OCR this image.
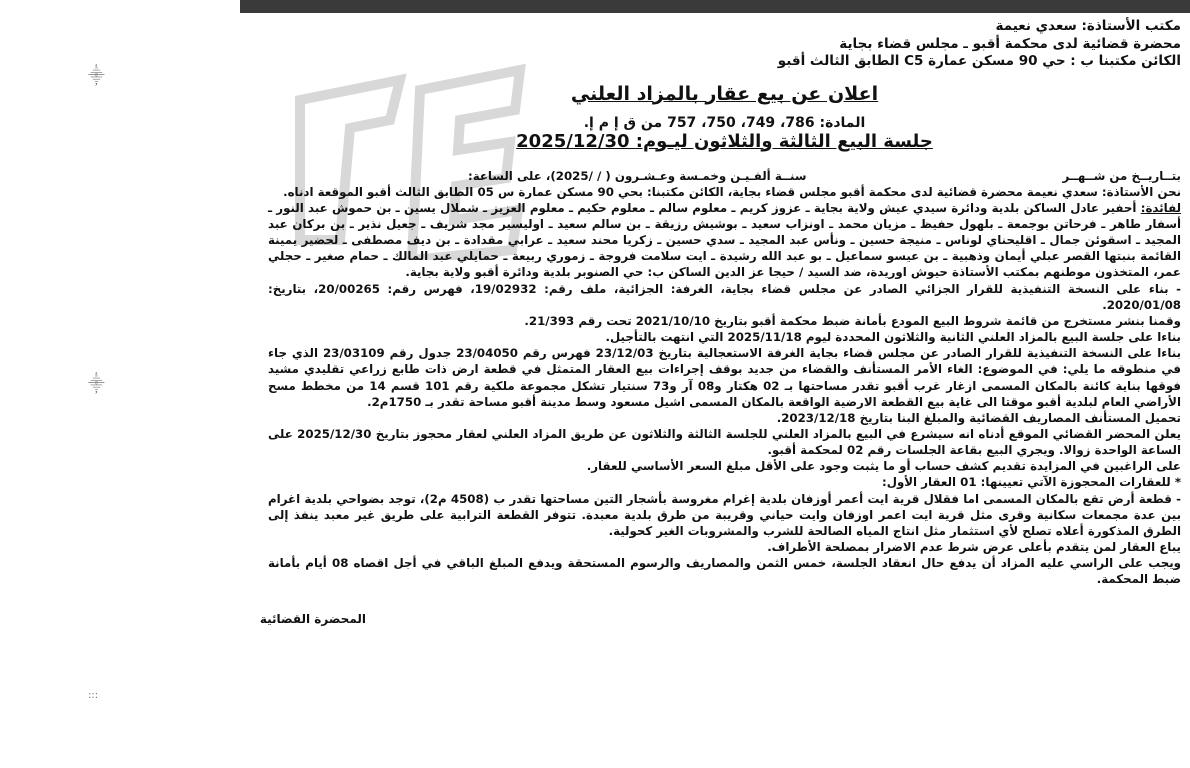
⸎
⸎
:::
مكتب الأستاذة: سعدي نعيمة
محضرة قضائية لدى محكمة أقبو ـ مجلس قضاء بجاية
الكائن مكتبنا ب : حي 90 مسكن عمارة C5 الطابق الثالث أقبو
اعلان عن بيع عقار بالمزاد العلني
المادة: 786، 749، 750، 757 من ق إ م إ.
جلسة البيع الثالثة والثلاثون ليـوم: 2025/12/30

بتــاريــخ من شــهــر
سنــة ألفـيـن وخمـسة وعـشـرون ( / /2025)، على الساعة:

نحن الأستاذة: سعدي نعيمة محضرة قضائية لدى محكمة أقبو مجلس قضاء بجاية، الكائن مكتبنا: بحي 90 مسكن عمارة س 05 الطابق الثالث أقبو الموقعة ادناه.

لفائدة: أحفير عادل الساكن بلدية ودائرة سيدي عيش ولاية بجاية ـ عزوز كريم ـ معلوم سالم ـ معلوم حكيم ـ معلوم العزيز ـ شملال يسين ـ بن حموش عبد النور ـ أسفار طاهر ـ فرحاتن بوجمعة ـ بلهول حفيظ ـ مزيان محمد ـ اونزاب سعيد ـ بوشيش رزيقة ـ بن سالم سعيد ـ اوليسير مجد شريف ـ جعيل نذير ـ بن بركان عبد المجيد ـ اسقوئن جمال ـ اقليحناي لوناس ـ منيجة حسين ـ ونأس عبد المجيد ـ سدي حسين ـ زكريا محند سعيد ـ عرابي مقدادة ـ بن ديف مصطفى ـ لحضير يمينة القائمة بنبتها القصر عبلي أيمان وذهبية ـ بن عيسو سماعيل ـ بو عبد الله رشيدة ـ ايت سلامت فروجة ـ زموري ربيعة ـ حمايلي عبد المالك ـ حمام صغير ـ حجلي عمر، المتخذون موطنهم بمكتب الأستاذة حيوش اوريدة، ضد السيد / حيجا عز الدين الساكن ب: حي الصنوبر بلدية ودائرة أقبو ولاية بجاية.

- بناء على النسخة التنفيذية للقرار الجزائي الصادر عن مجلس قضاء بجاية، الغرفة: الجزائية، ملف رقم: 19/02932، فهرس رقم: 20/00265، بتاريخ: 2020/01/08.

وقمنا بنشر مستخرج من قائمة شروط البيع المودع بأمانة ضبط محكمة أقبو بتاريخ 2021/10/10 تحت رقم 21/393.

بناءا على جلسة البيع بالمزاد العلني الثانية والثلاثون المحددة ليوم 2025/11/18 التي انتهت بالتأجيل.

بناءا على النسخة التنفيذية للقرار الصادر عن مجلس قضاء بجاية الغرفة الاستعجالية بتاريخ 23/12/03 فهرس رقم 23/04050 جدول رقم 23/03109 الذي جاء في منطوقه ما يلي: في الموضوع: الغاء الأمر المستأنف والقضاء من جديد بوقف إجراءات بيع العقار المتمثل في قطعة ارض ذات طابع زراعي تقليدي مشيد فوقها بناية كائنة بالمكان المسمى ازغار غرب أقبو تقدر مساحتها بـ 02 هكتار و08 آر و73 سنتيار تشكل مجموعة ملكية رقم 101 قسم 14 من مخطط مسح الأراضي العام لبلدية أقبو موقتا الى غاية بيع القطعة الارضية الواقعة بالمكان المسمى اشيل مسعود وسط مدينة أقبو مساحة تقدر بـ 1750م2.

تحميل المستأنف المصاريف القضائية والمبلغ البنا بتاريخ 2023/12/18.

يعلن المحضر القضائي الموقع أدناه انه سيشرع في البيع بالمزاد العلني للجلسة الثالثة والثلاثون عن طريق المزاد العلني لعقار محجوز بتاريخ 2025/12/30 على الساعة الواحدة زوالا. ويجري البيع بقاعة الجلسات رقم 02 لمحكمة أقبو.

على الراغبين في المزايدة تقديم كشف حساب أو ما يثبت وجود على الأقل مبلغ السعر الأساسي للعقار.

* للعقارات المحجوزة الآتي تعيينها: 01 العقار الأول:

- قطعة أرض تقع بالمكان المسمى اما فقلال قرية ايت أعمر أوزفان بلدية إغرام مغروسة بأشجار التين مساحتها تقدر ب (4508 م2)، توجد بضواحي بلدية اغرام بين عدة مجمعات سكانية وقرى مثل قرية ايت اعمر اوزفان وايت حياني وقريبة من طرق بلدية معبدة. تتوفر القطعة الترابية على طريق غير معبد ينفذ إلى الطرق المذكورة أعلاه تصلح لأي استثمار مثل انتاج المياه الصالحة للشرب والمشروبات الغير كحولية.

يباع العقار لمن يتقدم بأعلى عرض شرط عدم الاضرار بمصلحة الأطراف.

ويجب على الراسي عليه المزاد أن يدفع حال انعقاد الجلسة، خمس الثمن والمصاريف والرسوم المستحقة ويدفع المبلغ الباقي في أجل اقصاه 08 أيام بأمانة ضبط المحكمة.

المحضرة القضائية
